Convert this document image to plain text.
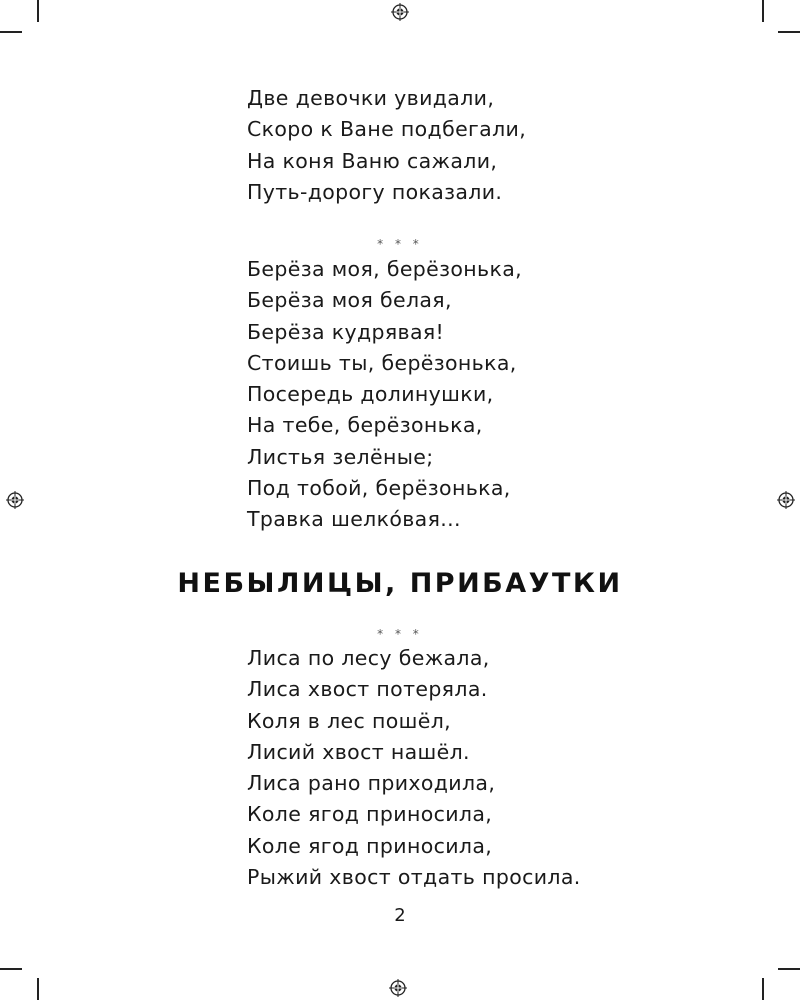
Две девочки увидали,
Скоро к Ване подбегали,
На коня Ваню сажали,
Путь-дорогу показали.
* * *
Берёза моя, берёзонька,
Берёза моя белая,
Берёза кудрявая!
Стоишь ты, берёзонька,
Посередь долинушки,
На тебе, берёзонька,
Листья зелёные;
Под тобой, берёзонька,
Травка шелко́вая...
НЕБЫЛИЦЫ, ПРИБАУТКИ
* * *
Лиса по лесу бежала,
Лиса хвост потеряла.
Коля в лес пошёл,
Лисий хвост нашёл.
Лиса рано приходила,
Коле ягод приносила,
Коле ягод приносила,
Рыжий хвост отдать просила.
2
